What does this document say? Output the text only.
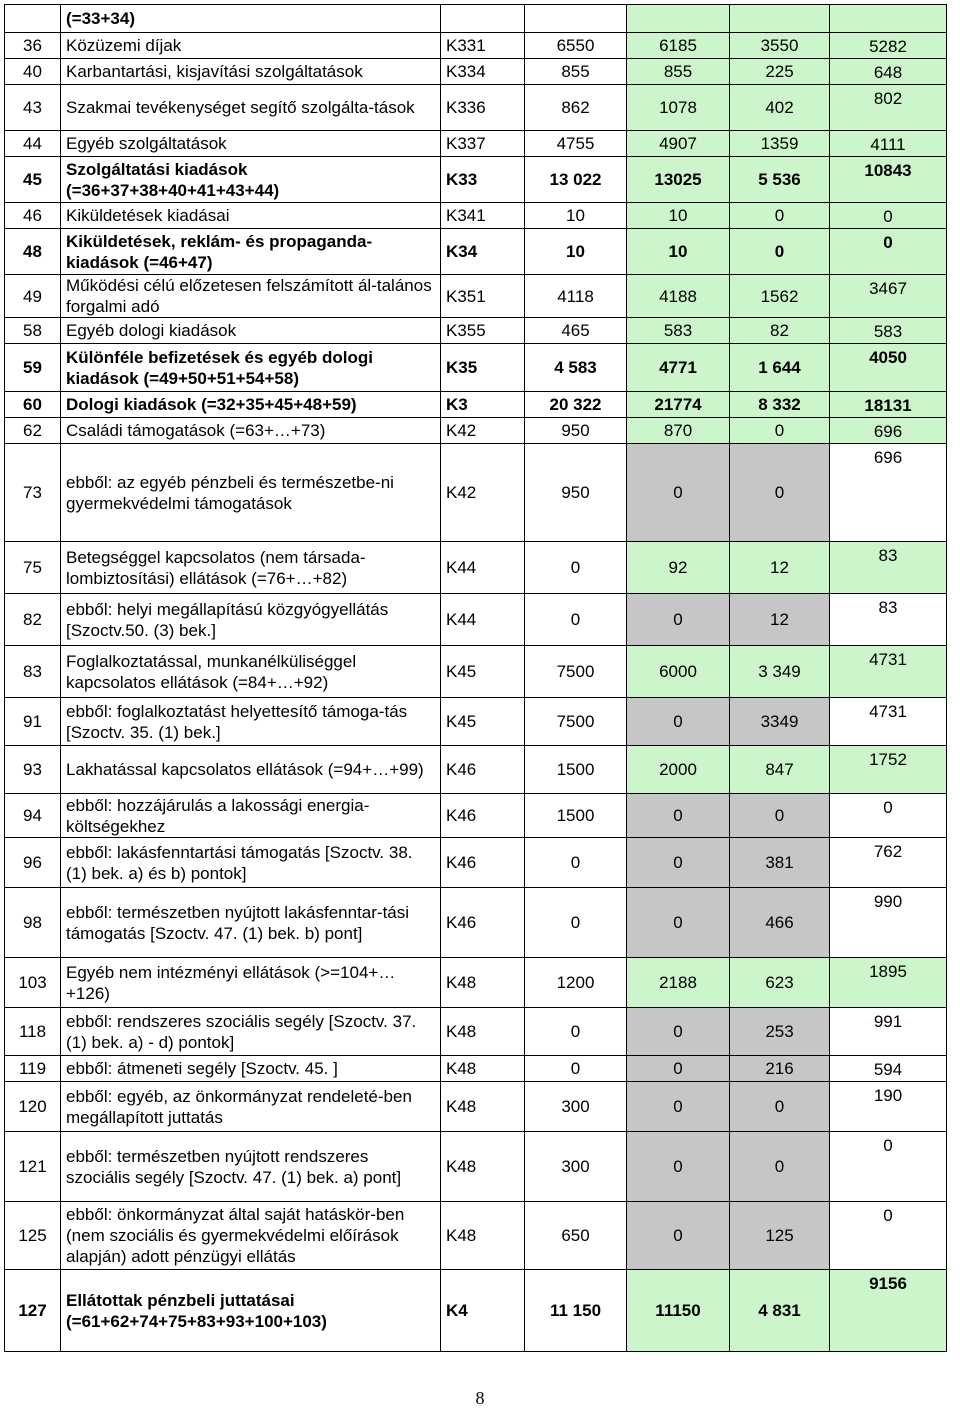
	(=33+34)					
36	Közüzemi díjak	K331	6550	6185	3550	5282
40	Karbantartási, kisjavítási szolgáltatások	K334	855	855	225	648
43	Szakmai tevékenységet segítő szolgálta-tások	K336	862	1078	402	802
44	Egyéb szolgáltatások	K337	4755	4907	1359	4111
45	Szolgáltatási kiadások (=36+37+38+40+41+43+44)	K33	13 022	13025	5 536	10843
46	Kiküldetések kiadásai	K341	10	10	0	0
48	Kiküldetések, reklám- és propaganda-kiadások (=46+47)	K34	10	10	0	0
49	Működési célú előzetesen felszámított ál-talános forgalmi adó	K351	4118	4188	1562	3467
58	Egyéb dologi kiadások	K355	465	583	82	583
59	Különféle befizetések és egyéb dologi kiadások (=49+50+51+54+58)	K35	4 583	4771	1 644	4050
60	Dologi kiadások (=32+35+45+48+59)	K3	20 322	21774	8 332	18131
62	Családi támogatások (=63+…+73)	K42	950	870	0	696
73	ebből: az egyéb pénzbeli és természetbe-ni gyermekvédelmi támogatások	K42	950	0	0	696
75	Betegséggel kapcsolatos (nem társada-lombiztosítási) ellátások (=76+…+82)	K44	0	92	12	83
82	ebből: helyi megállapítású közgyógyellátás [Szoctv.50. (3) bek.]	K44	0	0	12	83
83	Foglalkoztatással, munkanélküliséggel kapcsolatos ellátások (=84+…+92)	K45	7500	6000	3 349	4731
91	ebből: foglalkoztatást helyettesítő támoga-tás [Szoctv. 35. (1) bek.]	K45	7500	0	3349	4731
93	Lakhatással kapcsolatos ellátások (=94+…+99)	K46	1500	2000	847	1752
94	ebből: hozzájárulás a lakossági energia-költségekhez	K46	1500	0	0	0
96	ebből: lakásfenntartási támogatás [Szoctv. 38. (1) bek. a) és b) pontok]	K46	0	0	381	762
98	ebből: természetben nyújtott lakásfenntar-tási támogatás [Szoctv. 47. (1) bek. b) pont]	K46	0	0	466	990
103	Egyéb nem intézményi ellátások (>=104+…+126)	K48	1200	2188	623	1895
118	ebből: rendszeres szociális segély [Szoctv. 37. (1) bek. a) - d) pontok]	K48	0	0	253	991
119	ebből: átmeneti segély [Szoctv. 45. ]	K48	0	0	216	594
120	ebből: egyéb, az önkormányzat rendeleté-ben megállapított juttatás	K48	300	0	0	190
121	ebből: természetben nyújtott rendszeres szociális segély [Szoctv. 47. (1) bek. a) pont]	K48	300	0	0	0
125	ebből: önkormányzat által saját hatáskör-ben (nem szociális és gyermekvédelmi előírások alapján) adott pénzügyi ellátás	K48	650	0	125	0
127	Ellátottak pénzbeli juttatásai (=61+62+74+75+83+93+100+103)	K4	11 150	11150	4 831	9156
8
